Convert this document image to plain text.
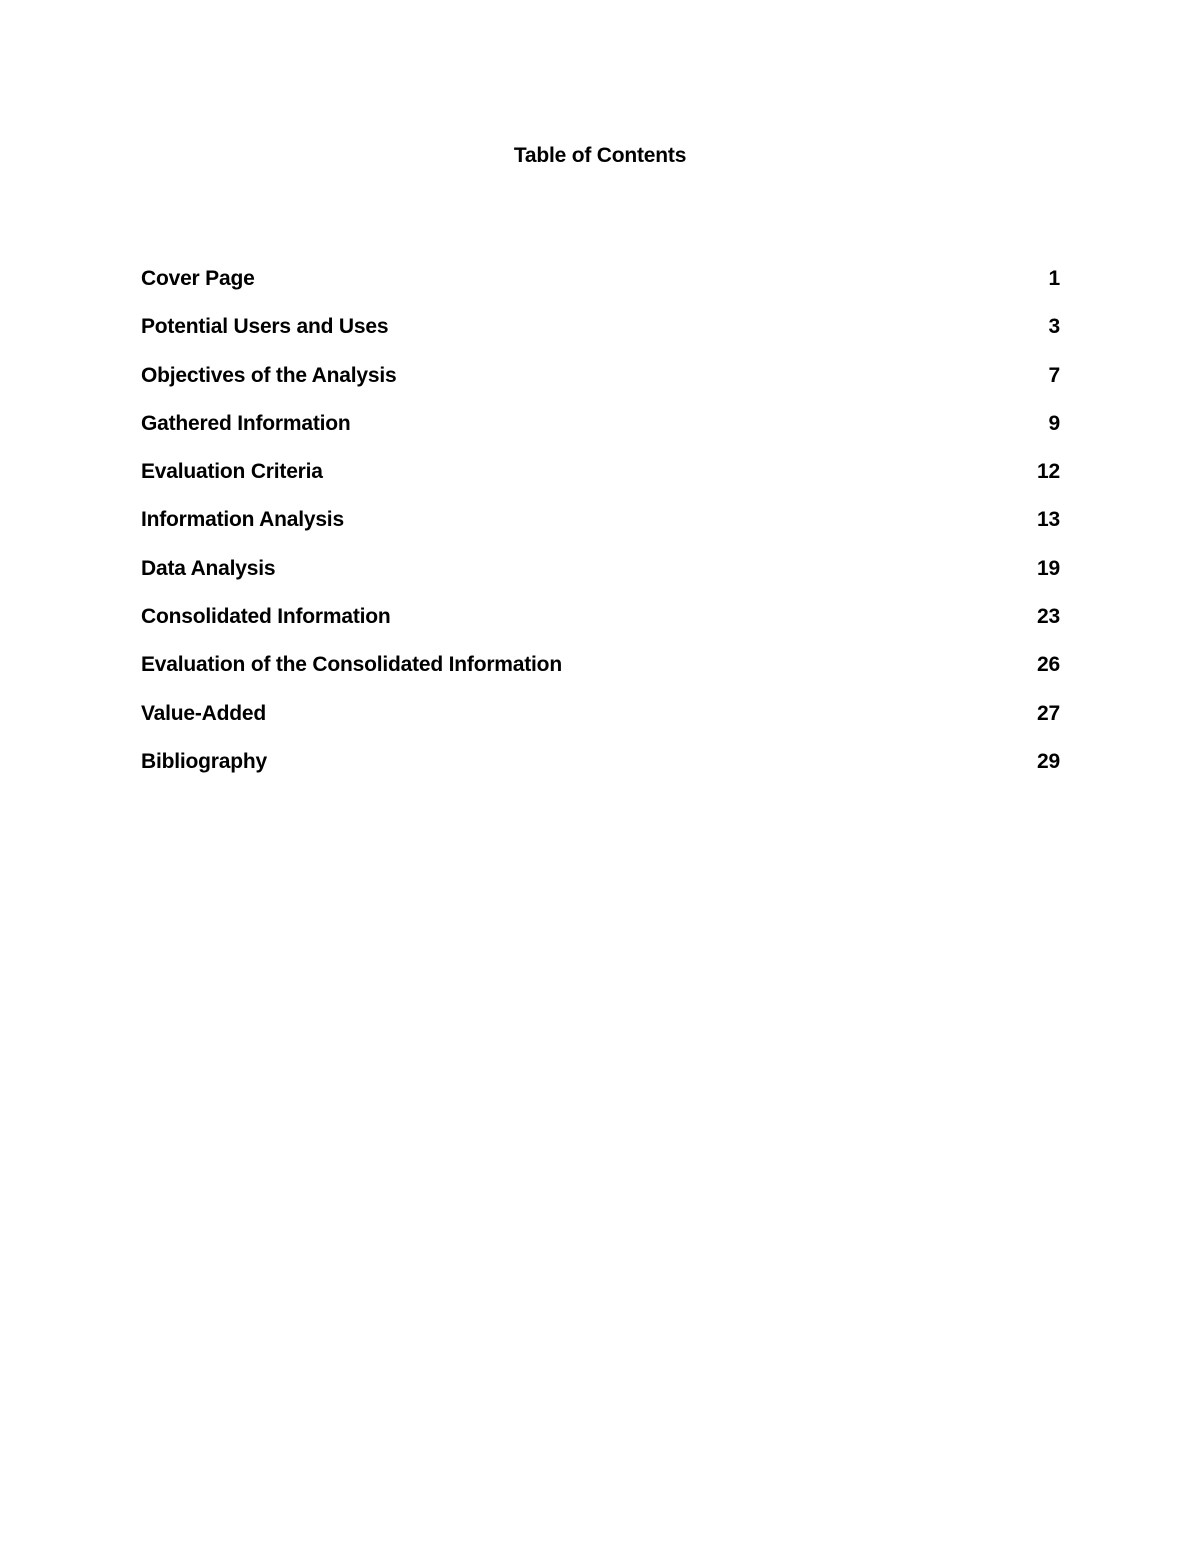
Table of Contents
Cover Page	1
Potential Users and Uses	3
Objectives of the Analysis	7
Gathered Information	9
Evaluation Criteria	12
Information Analysis	13
Data Analysis	19
Consolidated Information	23
Evaluation of the Consolidated Information	26
Value-Added	27
Bibliography	29
